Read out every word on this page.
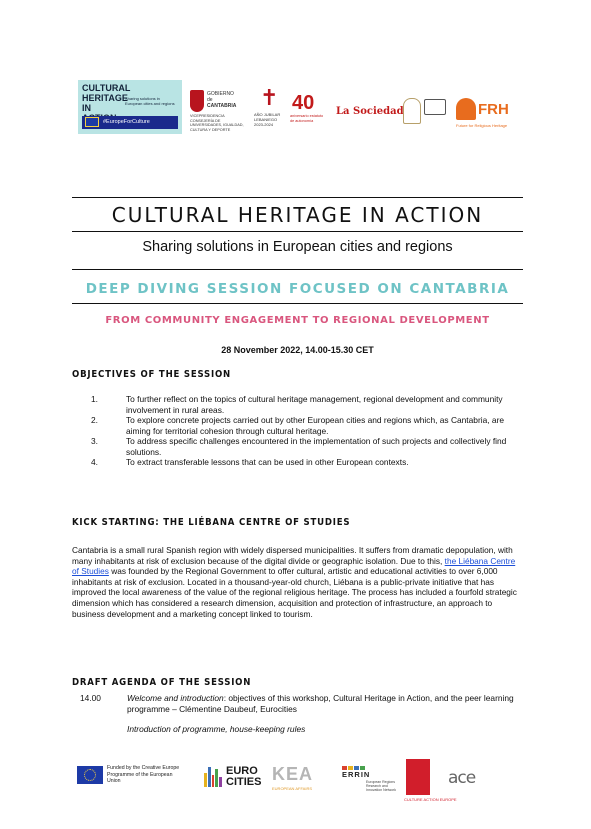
CULTURAL HERITAGE IN
Sharing solutions in European cities and regions
#EuropeForCulture
GOBIERNO
de
CANTABRIA
VICEPRESIDENCIA
CONSEJERÍA DE UNIVERSIDADES, IGUALDAD, CULTURA Y DEPORTE
✝
AÑO JUBILAR LEBANIEGO 2023-2024
40
aniversario estatuto de autonomía
La Sociedad	FRH
Future for Religious Heritage
CULTURAL HERITAGE IN ACTION
Sharing solutions in European cities and regions
DEEP DIVING SESSION FOCUSED ON CANTABRIA
FROM COMMUNITY ENGAGEMENT TO REGIONAL DEVELOPMENT
28 November 2022, 14.00-15.30 CET
OBJECTIVES OF THE SESSION
1.	To further reflect on the topics of cultural heritage management, regional development and community involvement in rural areas.
2.	To explore concrete projects carried out by other European cities and regions which, as Cantabria, are aiming for territorial cohesion through cultural heritage.
3.	To address specific challenges encountered in the implementation of such projects and collectively find solutions.
4.	To extract transferable lessons that can be used in other European contexts.
KICK STARTING: THE LIÉBANA CENTRE OF STUDIES
Cantabria is a small rural Spanish region with widely dispersed municipalities. It suffers from dramatic depopulation, with many inhabitants at risk of exclusion because of the digital divide or geographic isolation. Due to this, the Liébana Centre of Studies was founded by the Regional Government to offer cultural, artistic and educational activities to over 6,000 inhabitants at risk of exclusion. Located in a thousand-year-old church, Liébana is a public-private initiative that has improved the local awareness of the value of the regional religious heritage. The process has included a fourfold strategic dimension which has considered a research dimension, acquisition and protection of infrastructure, an approach to business development and a marketing concept linked to tourism.
DRAFT AGENDA OF THE SESSION
14.00	Welcome and introduction: objectives of this workshop, Cultural Heritage in Action, and the peer learning programme – Clémentine Daubeuf, Eurocities
Introduction of programme, house-keeping rules
Funded by the Creative Europe Programme of the European Union
EURO
CITIES KEA
EUROPEAN AFFAIRS
ERRIN
European Regions Research and Innovation Network
CULTURE ACTION EUROPE
ace
